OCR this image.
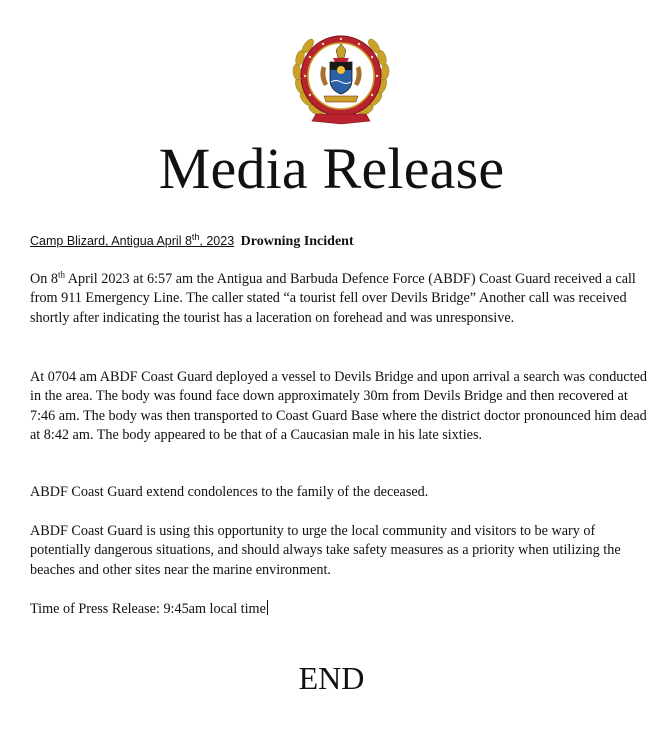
Media Release
Camp Blizard, Antigua April 8th, 2023 Drowning Incident

On 8th April 2023 at 6:57 am the Antigua and Barbuda Defence Force (ABDF) Coast Guard received a call from 911 Emergency Line. The caller stated “a tourist fell over Devils Bridge” Another call was received shortly after indicating the tourist has a laceration on forehead and was unresponsive.

At 0704 am ABDF Coast Guard deployed a vessel to Devils Bridge and upon arrival a search was conducted in the area. The body was found face down approximately 30m from Devils Bridge and then recovered at 7:46 am. The body was then transported to Coast Guard Base where the district doctor pronounced him dead at 8:42 am. The body appeared to be that of a Caucasian male in his late sixties.

ABDF Coast Guard extend condolences to the family of the deceased.

ABDF Coast Guard is using this opportunity to urge the local community and visitors to be wary of potentially dangerous situations, and should always take safety measures as a priority when utilizing the beaches and other sites near the marine environment.

Time of Press Release: 9:45am local time

END
